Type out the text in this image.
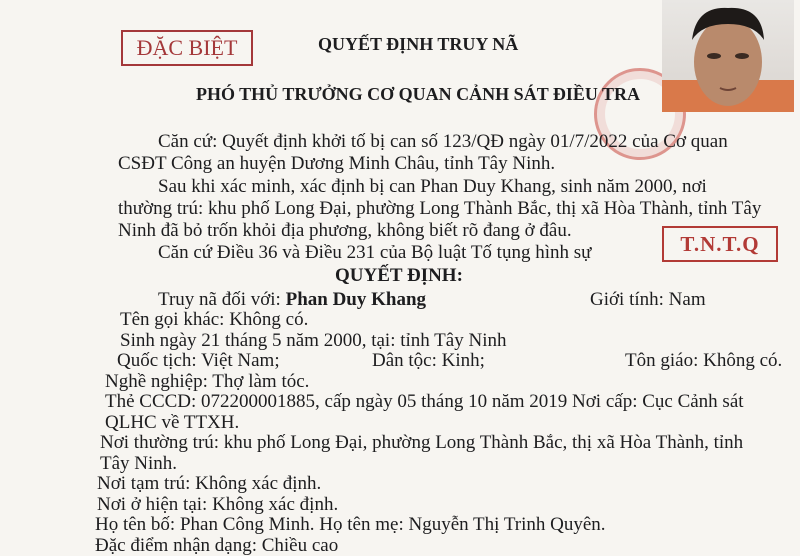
ĐẶC BIỆT	QUYẾT ĐỊNH TRUY NÃ
PHÓ THỦ TRƯỞNG CƠ QUAN CẢNH SÁT ĐIỀU TRA
Căn cứ: Quyết định khởi tố bị can số 123/QĐ ngày 01/7/2022 của Cơ quan
CSĐT Công an huyện Dương Minh Châu, tỉnh Tây Ninh.
Sau khi xác minh, xác định bị can Phan Duy Khang, sinh năm 2000, nơi
thường trú: khu phố Long Đại, phường Long Thành Bắc, thị xã Hòa Thành, tỉnh Tây
Ninh đã bỏ trốn khỏi địa phương, không biết rõ đang ở đâu.
Căn cứ Điều 36 và Điều 231 của Bộ luật Tố tụng hình sự	T.N.T.Q
QUYẾT ĐỊNH:
Truy nã đối với: Phan Duy Khang	Giới tính: Nam
Tên gọi khác: Không có.
Sinh ngày 21 tháng 5 năm 2000, tại: tỉnh Tây Ninh
Quốc tịch: Việt Nam;	Dân tộc: Kinh;	Tôn giáo: Không có.
Nghề nghiệp: Thợ làm tóc.
Thẻ CCCD: 072200001885, cấp ngày 05 tháng 10 năm 2019 Nơi cấp: Cục Cảnh sát
QLHC về TTXH.
Nơi thường trú: khu phố Long Đại, phường Long Thành Bắc, thị xã Hòa Thành, tỉnh
Tây Ninh.
Nơi tạm trú: Không xác định.
Nơi ở hiện tại: Không xác định.
Họ tên bố: Phan Công Minh. Họ tên mẹ: Nguyễn Thị Trinh Quyên.
Đặc điểm nhận dạng: Chiều cao
